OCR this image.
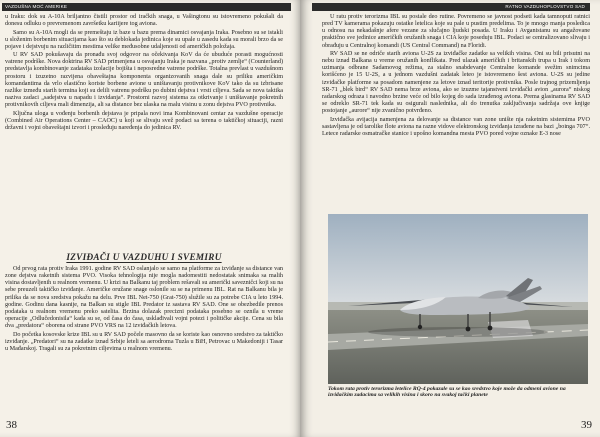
VAZDUŠNA MOĆ AMERIKE

u Iraku: dok su A-10A briljantno čistili prostor od iračkih snaga, u Vašingtonu su istovremeno pokušali da donesu odluku o prevremenom završetku kariijere tog aviona.

Samo su A-10A mogli da se premeštaju iz baze u bazu prema dinamici osvajanja Iraka. Posebno su se istakli u složenim borbenim situacijama kao što su deblokada jedinica koje su upale u zasedu kada su morali brzo da se pojave i dejstvuju na različitim mestima velike međusobne udaljenosti od američkih položaja.

U RV SAD pokušavaju da pronađu svoj odgovor na očekivanja KoV da će ubuduće porasti mogućnosti vatrene podrške. Nova doktrina RV SAD primenjena u osvajanju Iraka je nazvana „protiv zemlje“ (Counterland) predstavlja kombinovanje zadataka izolacije bojišta i neposredne vatrene podrške. Totalna prevlast u vazdušnom prostoru i izuzetno razvijena obaveštajna komponenta organizovanih snaga dale su priliku američkim komandantima da vrlo elastično koriste borbene avione u uništavanju protivnikove KoV tako da su izbrisane razlike između starih termina koji su delili vatrenu podršku po dubini dejstva i vrsti ciljeva. Sada se nova taktika naziva zadaci „sadejstva u napadu i izvidanja“. Prostorni razvoj sistema za otkrivanje i uništavanje pokretnih protivnikovih ciljeva mali dimenzija, ali sa distance bez ulaska na malu visinu u zonu dejstva PVO protivnika.

Ključna uloga u vođenju borbenih dejstava je pripala novi ima Kombinovani centar za vazdušne operacije (Combined Air Operations Center – CAOC) u koji se slivaju svež podaci sa terena o taktičkoj situaciji, razni državni i vojni obaveštajni izvori i prosleđuju naređenja do jedinica RV.

IZVIĐAČI U VAZDUHU I SVEMIRU

Od prvog rata protiv Iraka 1991. godine RV SAD oslanjalo se samo na platforme za izviđanje sa distance van zone dejstva raketnih sistema PVO. Visoka tehnologija nije mogla nadomestiti nedostatak snimaka sa malih visina dostavljenih u realnom vremenu. U krizi na Balkanu taj problem rešavali su američki savezničci koji su na sebe preuzeli taktičko izviđanje. Američke oružane snage oslonile su se na primenu IBL. Rat na Balkanu bila je prilika da se nova sredstva pokažu na delu. Prve IBL Net-750 (Grat-750) služile su za potrebe CIA u leto 1994. godine. Godinu dana kasnije, na Balkan su stigle IBL Predator iz sastava RV SAD. One se obezbedile prenos podataka u realnom vremenu preko satelita. Brzina dolazak precizni podataka posebno se oznila u vreme operacije „Odlučedonisila“ kada su se, od časa do časa, usklađivali vojni potezi i političke akcije. Cena su bila dva „predatora“ oborena od strane PVO VRS na 12 izviđačkih letova.

Do početka kosovske krize IBL su u RV SAD počele masovno da se koriste kao osnovno sredstvo za taktičko izviđanje. „Predatori“ su na zadatke iznad Srbije leteli sa aerodroma Tuzla u BiH, Petrovac u Makedoniji i Tasar u Mađarskoj. Tragali su za pokretnim ciljevima u realnom vremenu.

38
RATNO VAZDUHOPLOVSTVO SAD

U ratu protiv terorizma IBL su postale deo rutine. Povremeno se javnost podseti kada tamnoputi ratnici pred TV kamerama pokazuju ostatke letelica koje su pale u pustim predelima. To je mnogo manja posledica u odnosu na nekadašnje afere vezane za slučajno ljudski posada. U Iraku i Avganistanu su angažovane praktično sve jedinice američkih oružanih snaga i CIA koje poseduju IBL. Podaci se centralizovano slivaju i obrađuju u Centralnoj komandi (US Central Command) na Floridi.

RV SAD se ne odriče starih aviona U-2S za izviđačke zadatke sa velikih visina. Oni su bili prisutni na nebu iznad Balkana u vreme oružanih konflikata. Pred ulazak američkih i britanskih trupa u Irak i tokom uzimanja odbrane Sadamovog režima, za stalno snabdevanje Centralne komande svežim snimcima korišćeno je 15 U-2S, a u jednom vazdušni zadatak leteo je istovremeno šest aviona. U-2S su jedine izviđačke platforme sa posadom namenjene za letove iznad teritorije protivnika. Posle trajnog prizemljenja SR-71 „blek bird“ RV SAD nema brze aviona, ako se izuzme tajanstveni izviđački avion „aurora“ niskog radarskog odraza i navodno brzine veće od bilo kojeg do sada izrađenog aviona. Prema glasinama RV SAD se odreklo SR-71 tek kada su osigurali naslednika, ali do trenutka zaključivanja sadržaja ove knjige postojanje „aurore“ nije zvanično potvrđeno.

Izviđačka avijacija namenjena za delovanje sa distance van zone unište nja raketnim sistemima PVO sastavljena je od tarolike flote aviona na razne vidove elektronskog izviđanja izrađene na bazi „boinga 707“. Letece radarske osmatračke stanice i upošno komandna mesta PVO pored vojne oznake E-3 nose

Tokom rata protiv terorizma letelice RQ-4 pokazale su se kao sredstvo koje može da odmeni avione na izviđačkim zadacima sa velikih visina i skoro na svakoj tački planete
39
